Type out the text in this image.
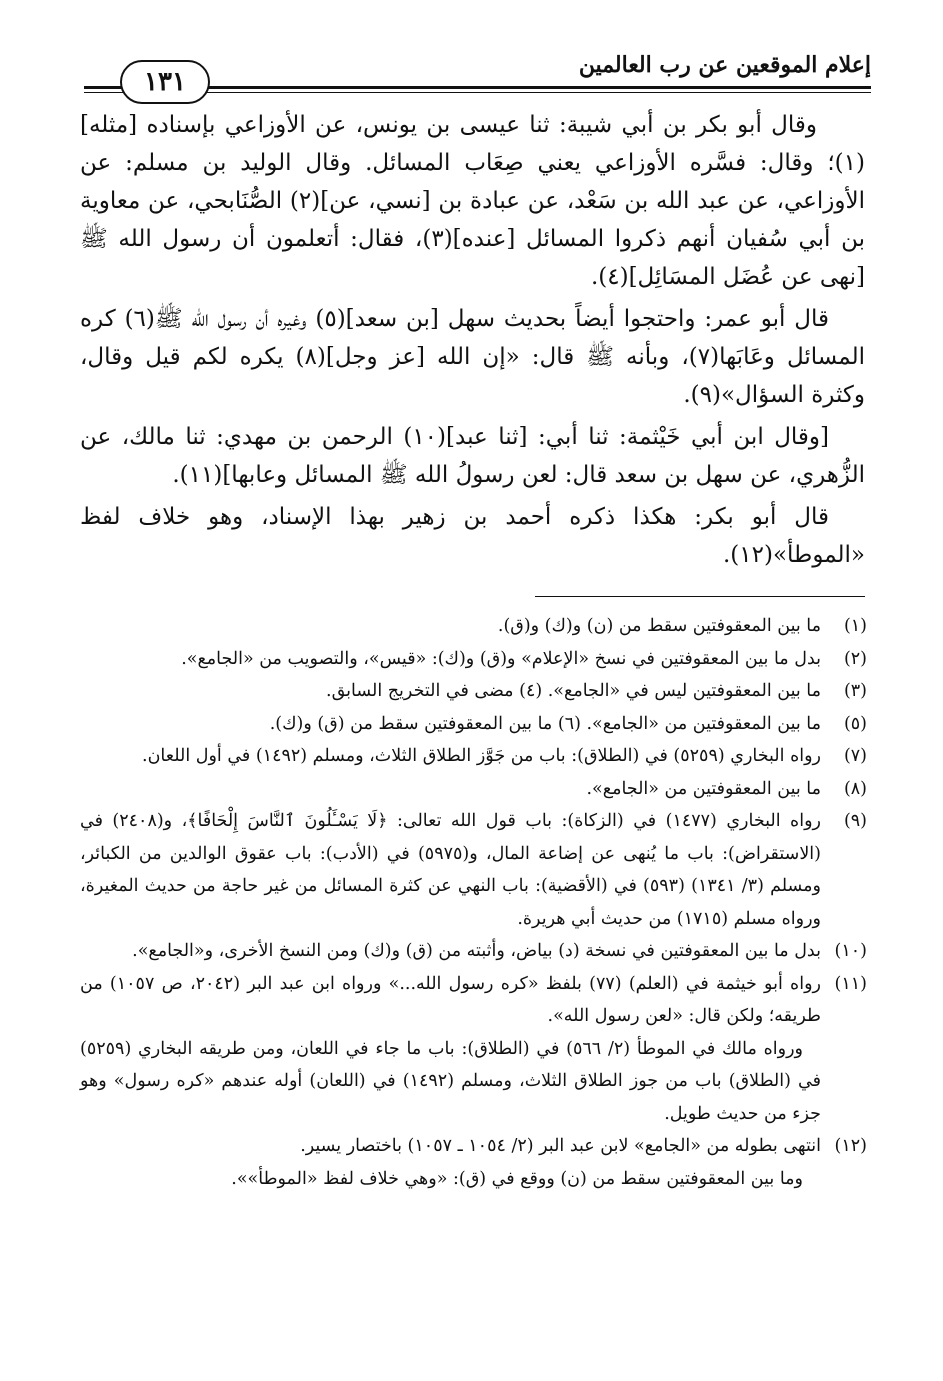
إعلام الموقعين عن رب العالمين
١٣١

وقال أبو بكر بن أبي شيبة: ثنا عيسى بن يونس، عن الأوزاعي بإسناده [مثله](١)؛ وقال: فسَّره الأوزاعي يعني صِعَاب المسائل. وقال الوليد بن مسلم: عن الأوزاعي، عن عبد الله بن سَعْد، عن عبادة بن [نسي، عن](٢) الصُّنَابحي، عن معاوية بن أبي سُفيان أنهم ذكروا المسائل [عنده](٣)، فقال: أتعلمون أن رسول الله ﷺ [نهى عن عُضَل المسَائِل](٤).

قال أبو عمر: واحتجوا أيضاً بحديث سهل [بن سعد](٥) وغيره أن رسول الله ﷺ(٦) كره المسائل وعَابَها(٧)، وبأنه ﷺ قال: «إن الله [عز وجل](٨) يكره لكم قيل وقال، وكثرة السؤال»(٩).

[وقال ابن أبي خَيْثمة: ثنا أبي: [ثنا عبد](١٠) الرحمن بن مهدي: ثنا مالك، عن الزُّهري، عن سهل بن سعد قال: لعن رسولُ الله ﷺ المسائل وعابها](١١).

قال أبو بكر: هكذا ذكره أحمد بن زهير بهذا الإسناد، وهو خلاف لفظ «الموطأ»(١٢).

(١)
ما بين المعقوفتين سقط من (ن) و(ك) و(ق).
(٢)
بدل ما بين المعقوفتين في نسخ «الإعلام» و(ق) و(ك): «قيس»، والتصويب من «الجامع».
(٣)
ما بين المعقوفتين ليس في «الجامع». (٤) مضى في التخريج السابق.
(٥)
ما بين المعقوفتين من «الجامع». (٦) ما بين المعقوفتين سقط من (ق) و(ك).
(٧)
رواه البخاري (٥٢٥٩) في (الطلاق): باب من جَوَّز الطلاق الثلاث، ومسلم (١٤٩٢) في أول اللعان.
(٨)
ما بين المعقوفتين من «الجامع».
(٩)
رواه البخاري (١٤٧٧) في (الزكاة): باب قول الله تعالى: ﴿لَا يَسْـَٔلُونَ ٱلنَّاسَ إِلْحَافًا﴾، و(٢٤٠٨) في (الاستقراض): باب ما يُنهى عن إضاعة المال، و(٥٩٧٥) في (الأدب): باب عقوق الوالدين من الكبائر، ومسلم (٣/ ١٣٤١) (٥٩٣) في (الأقضية): باب النهي عن كثرة المسائل من غير حاجة من حديث المغيرة، ورواه مسلم (١٧١٥) من حديث أبي هريرة.
(١٠)
بدل ما بين المعقوفتين في نسخة (د) بياض، وأثبته من (ق) و(ك) ومن النسخ الأخرى، و«الجامع».
(١١)
رواه أبو خيثمة في (العلم) (٧٧) بلفظ «كره رسول الله...» ورواه ابن عبد البر (٢٠٤٢، ص ١٠٥٧) من طريقه؛ ولكن قال: «لعن رسول الله».
ورواه مالك في الموطأ (٢/ ٥٦٦) في (الطلاق): باب ما جاء في اللعان، ومن طريقه البخاري (٥٢٥٩) في (الطلاق) باب من جوز الطلاق الثلاث، ومسلم (١٤٩٢) في (اللعان) أوله عندهم «كره رسول» وهو جزء من حديث طويل.
(١٢)
انتهى بطوله من «الجامع» لابن عبد البر (٢/ ١٠٥٤ ـ ١٠٥٧) باختصار يسير.
وما بين المعقوفتين سقط من (ن) ووقع في (ق): «وهي خلاف لفظ «الموطأ»».
